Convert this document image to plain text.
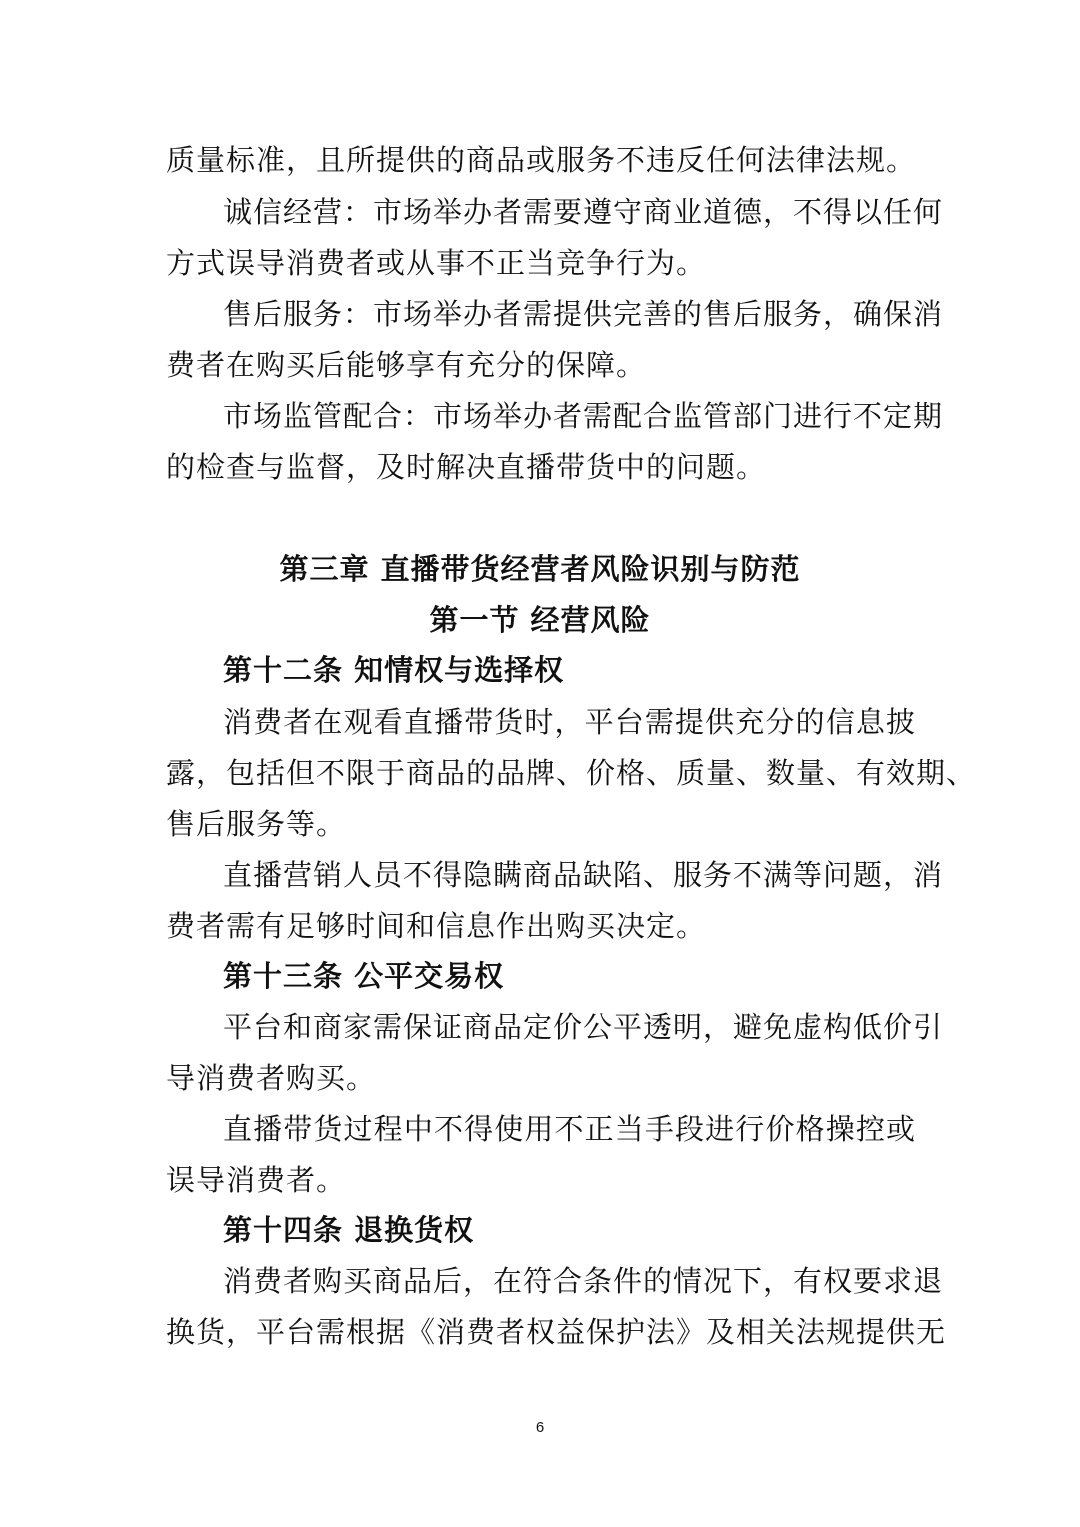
质量标准，且所提供的商品或服务不违反任何法律法规。
诚信经营：市场举办者需要遵守商业道德，不得以任何
方式误导消费者或从事不正当竞争行为。
售后服务：市场举办者需提供完善的售后服务，确保消
费者在购买后能够享有充分的保障。
市场监管配合：市场举办者需配合监管部门进行不定期
的检查与监督，及时解决直播带货中的问题。
第三章 直播带货经营者风险识别与防范
第一节 经营风险
第十二条 知情权与选择权
消费者在观看直播带货时，平台需提供充分的信息披
露，包括但不限于商品的品牌、价格、质量、数量、有效期、
售后服务等。
直播营销人员不得隐瞒商品缺陷、服务不满等问题，消
费者需有足够时间和信息作出购买决定。
第十三条 公平交易权
平台和商家需保证商品定价公平透明，避免虚构低价引
导消费者购买。
直播带货过程中不得使用不正当手段进行价格操控或
误导消费者。
第十四条 退换货权
消费者购买商品后，在符合条件的情况下，有权要求退
换货，平台需根据《消费者权益保护法》及相关法规提供无
6
